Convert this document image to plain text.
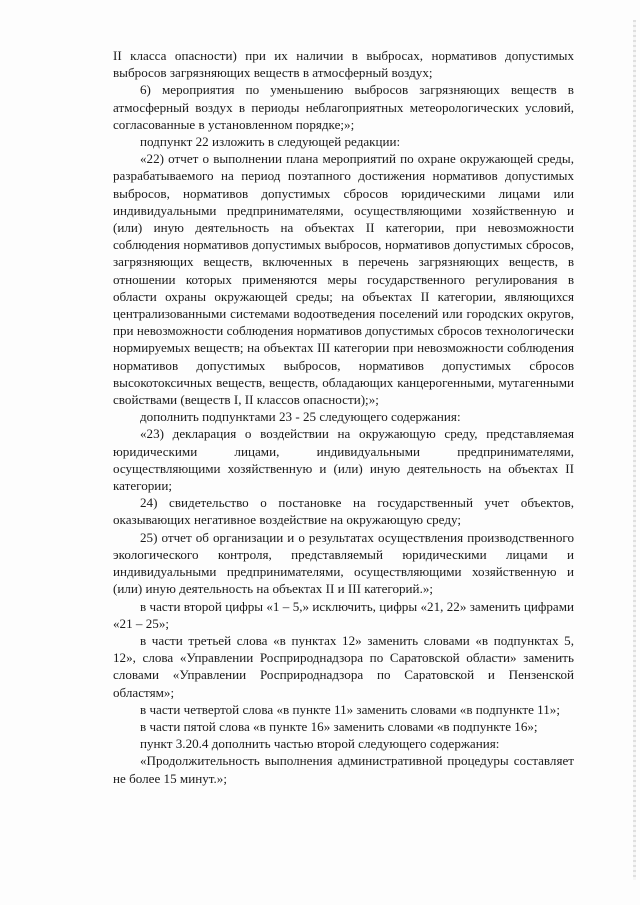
II класса опасности) при их наличии в выбросах, нормативов допустимых выбросов загрязняющих веществ в атмосферный воздух;

6) мероприятия по уменьшению выбросов загрязняющих веществ в атмосферный воздух в периоды неблагоприятных метеорологических условий, согласованные в установленном порядке;»;

подпункт 22 изложить в следующей редакции:

«22) отчет о выполнении плана мероприятий по охране окружающей среды, разрабатываемого на период поэтапного достижения нормативов допустимых выбросов, нормативов допустимых сбросов юридическими лицами или индивидуальными предпринимателями, осуществляющими хозяйственную и (или) иную деятельность на объектах II категории, при невозможности соблюдения нормативов допустимых выбросов, нормативов допустимых сбросов, загрязняющих веществ, включенных в перечень загрязняющих веществ, в отношении которых применяются меры государственного регулирования в области охраны окружающей среды; на объектах II категории, являющихся централизованными системами водоотведения поселений или городских округов, при невозможности соблюдения нормативов допустимых сбросов технологически нормируемых веществ; на объектах III категории при невозможности соблюдения нормативов допустимых выбросов, нормативов допустимых сбросов высокотоксичных веществ, веществ, обладающих канцерогенными, мутагенными свойствами (веществ I, II классов опасности);»;

дополнить подпунктами 23 - 25 следующего содержания:

«23) декларация о воздействии на окружающую среду, представляемая юридическими лицами, индивидуальными предпринимателями, осуществляющими хозяйственную и (или) иную деятельность на объектах II категории;

24) свидетельство о постановке на государственный учет объектов, оказывающих негативное воздействие на окружающую среду;

25) отчет об организации и о результатах осуществления производственного экологического контроля, представляемый юридическими лицами и индивидуальными предпринимателями, осуществляющими хозяйственную и (или) иную деятельность на объектах II и III категорий.»;

в части второй цифры «1 – 5,» исключить, цифры «21, 22» заменить цифрами «21 – 25»;

в части третьей слова «в пунктах 12» заменить словами «в подпунктах 5, 12», слова «Управлении Росприроднадзора по Саратовской области» заменить словами «Управлении Росприроднадзора по Саратовской и Пензенской областям»;

в части четвертой слова «в пункте 11» заменить словами «в подпункте 11»;

в части пятой слова «в пункте 16» заменить словами «в подпункте 16»;

пункт 3.20.4 дополнить частью второй следующего содержания:

«Продолжительность выполнения административной процедуры составляет не более 15 минут.»;
